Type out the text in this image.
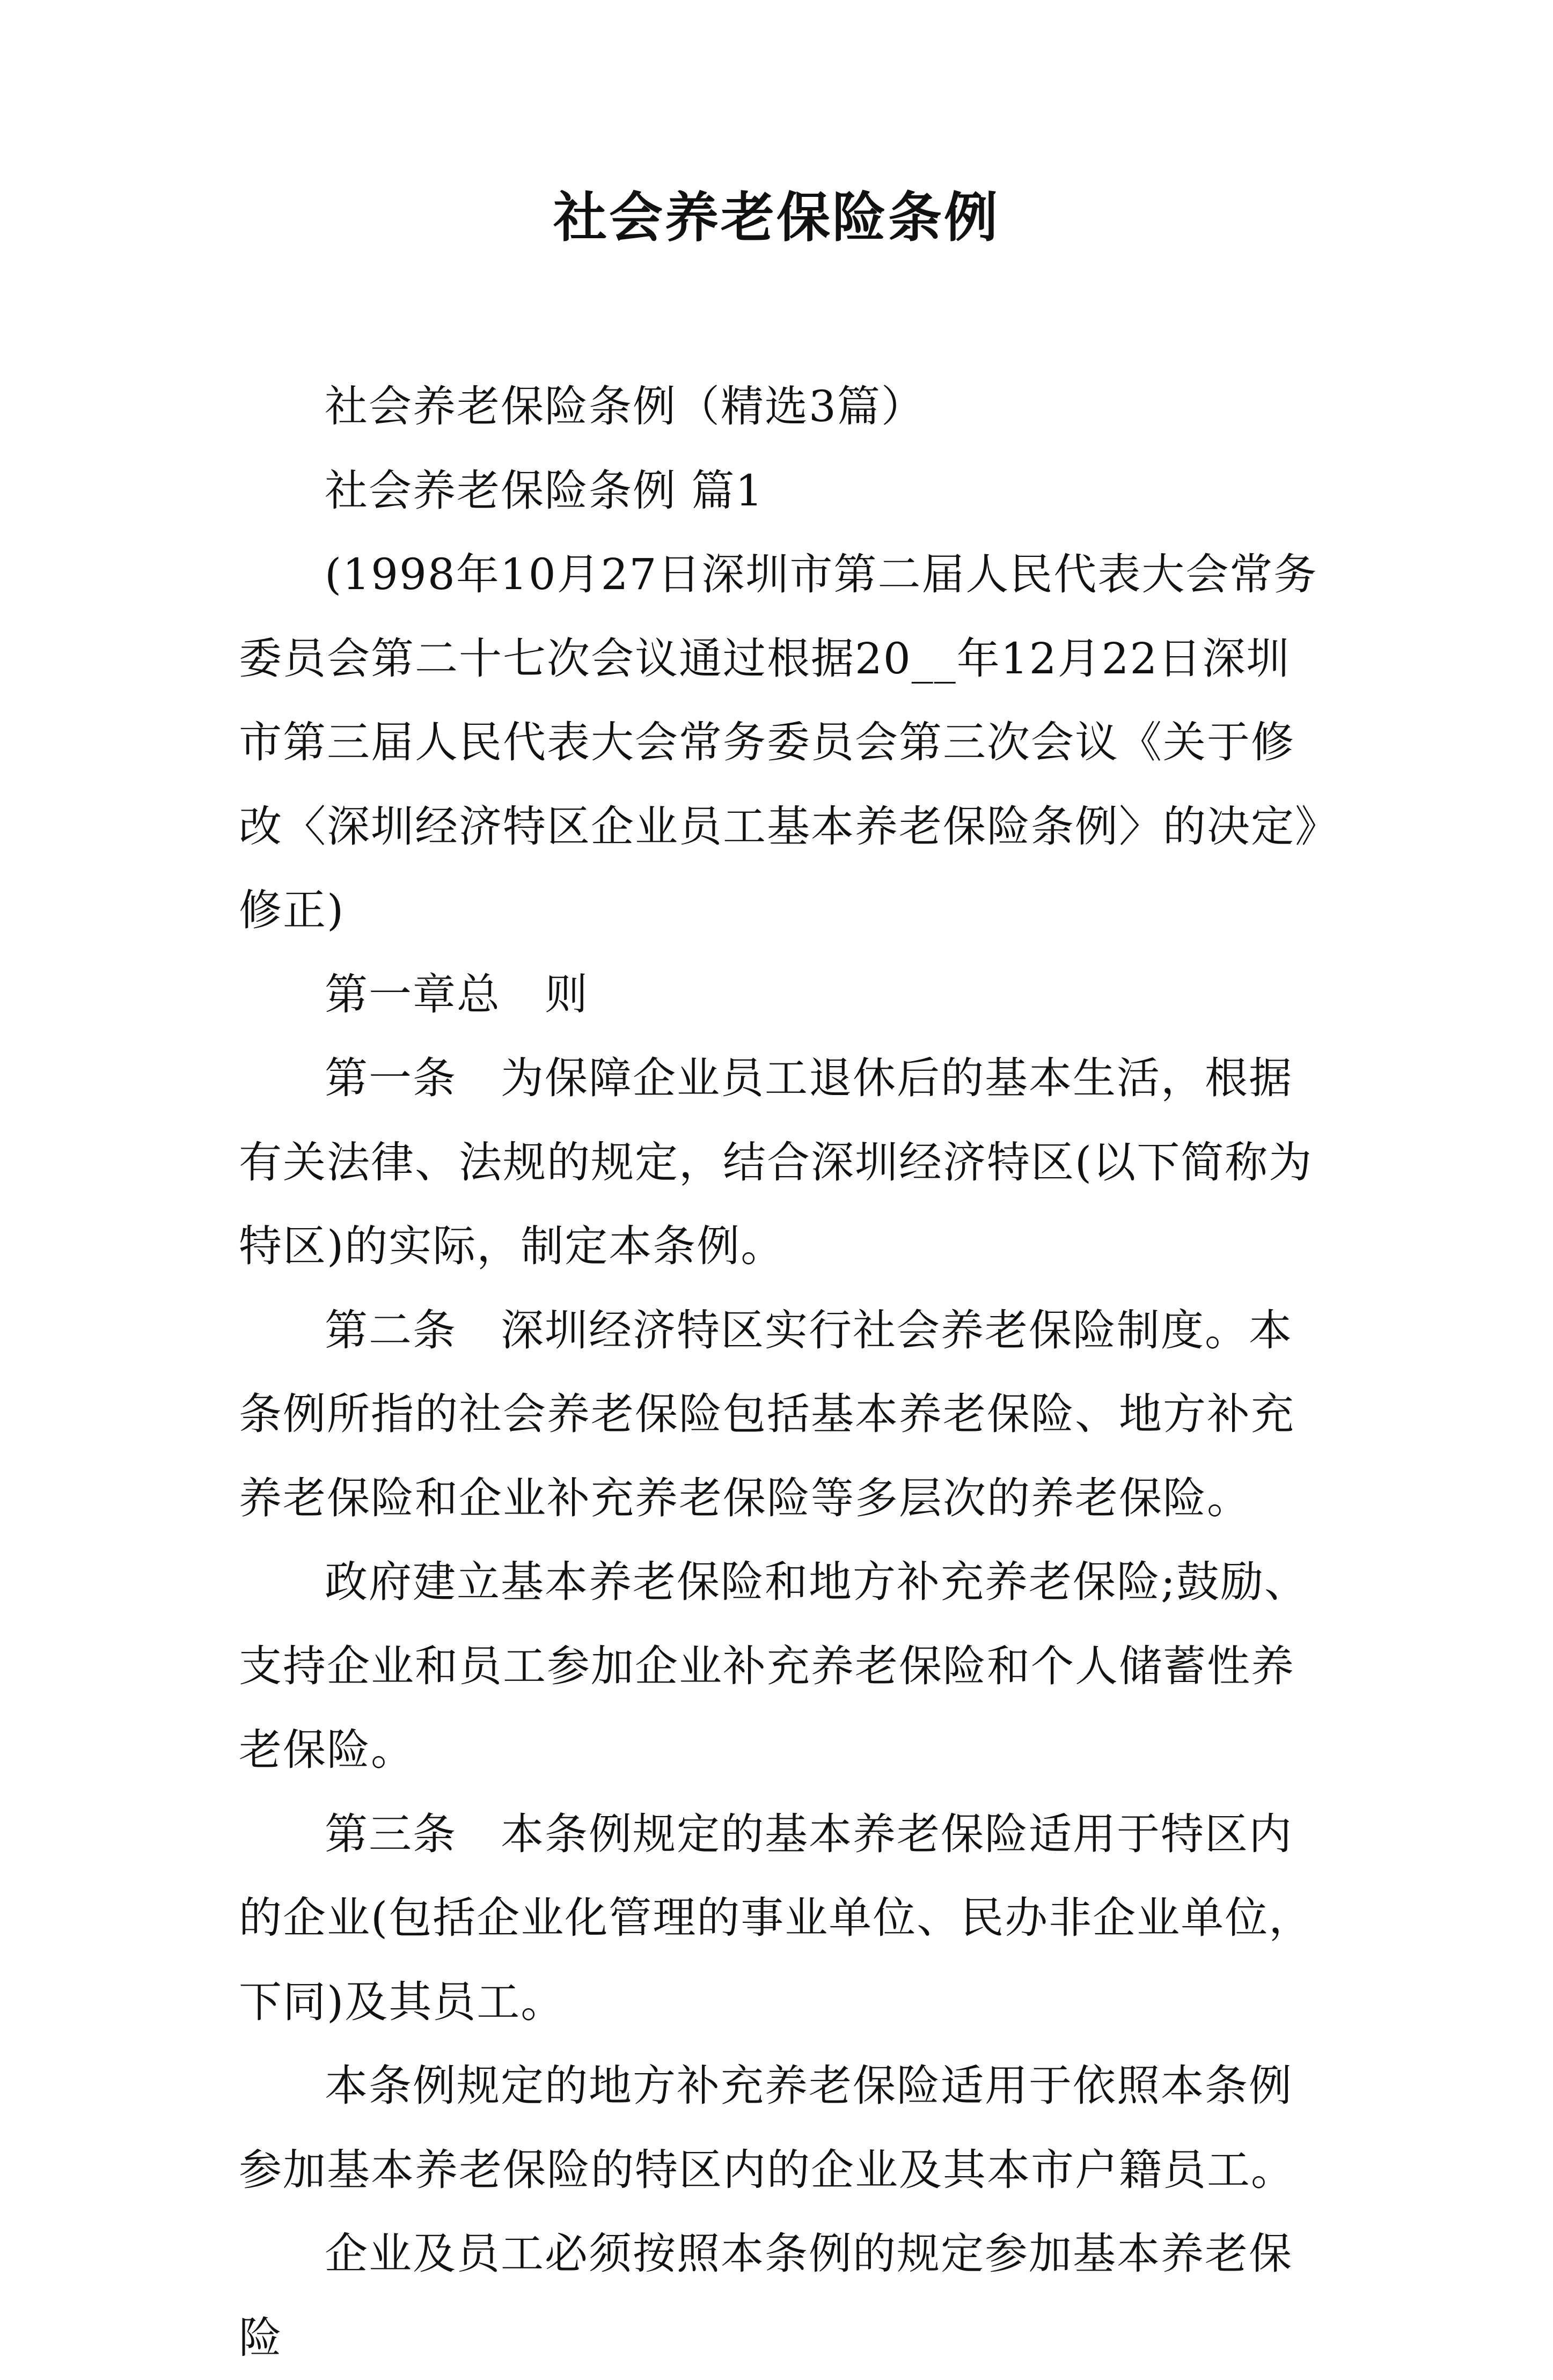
社会养老保险条例

社会养老保险条例（精选3篇）

社会养老保险条例 篇1

(1998年10月27日深圳市第二届人民代表大会常务委员会第二十七次会议通过根据20__年12月22日深圳市第三届人民代表大会常务委员会第三次会议《关于修改〈深圳经济特区企业员工基本养老保险条例〉的决定》修正)

第一章总　则

第一条　为保障企业员工退休后的基本生活，根据有关法律、法规的规定，结合深圳经济特区(以下简称为特区)的实际，制定本条例。

第二条　深圳经济特区实行社会养老保险制度。本条例所指的社会养老保险包括基本养老保险、地方补充养老保险和企业补充养老保险等多层次的养老保险。

政府建立基本养老保险和地方补充养老保险;鼓励、支持企业和员工参加企业补充养老保险和个人储蓄性养老保险。

第三条　本条例规定的基本养老保险适用于特区内的企业(包括企业化管理的事业单位、民办非企业单位，下同)及其员工。

本条例规定的地方补充养老保险适用于依照本条例参加基本养老保险的特区内的企业及其本市户籍员工。

企业及员工必须按照本条例的规定参加基本养老保险
